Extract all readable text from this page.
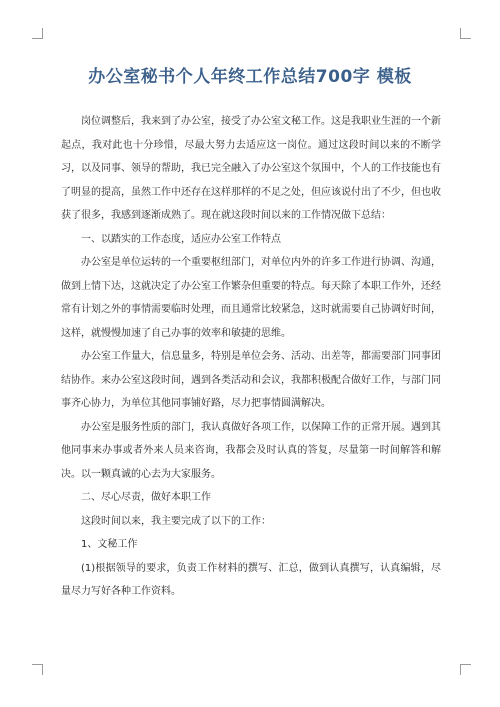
办公室秘书个人年终工作总结700字 模板

岗位调整后，我来到了办公室，接受了办公室文秘工作。这是我职业生涯的一个新起点，我对此也十分珍惜，尽最大努力去适应这一岗位。通过这段时间以来的不断学习，以及同事、领导的帮助，我已完全融入了办公室这个氛围中，个人的工作技能也有了明显的提高，虽然工作中还存在这样那样的不足之处，但应该说付出了不少，但也收获了很多，我感到逐渐成熟了。现在就这段时间以来的工作情况做下总结：

一、以踏实的工作态度，适应办公室工作特点

办公室是单位运转的一个重要枢纽部门，对单位内外的许多工作进行协调、沟通，做到上情下达，这就决定了办公室工作繁杂但重要的特点。每天除了本职工作外，还经常有计划之外的事情需要临时处理，而且通常比较紧急，这时就需要自己协调好时间，这样，就慢慢加速了自己办事的效率和敏捷的思维。

办公室工作量大，信息量多，特别是单位会务、活动、出差等，都需要部门同事团结协作。来办公室这段时间，遇到各类活动和会议，我都积极配合做好工作，与部门同事齐心协力，为单位其他同事铺好路，尽力把事情圆满解决。

办公室是服务性质的部门，我认真做好各项工作，以保障工作的正常开展。遇到其他同事来办事或者外来人员来咨询，我都会及时认真的答复，尽量第一时间解答和解决。以一颗真诚的心去为大家服务。

二、尽心尽责，做好本职工作

这段时间以来，我主要完成了以下的工作：

1、文秘工作

(1)根据领导的要求，负责工作材料的撰写、汇总，做到认真撰写，认真编辑，尽量尽力写好各种工作资料。
